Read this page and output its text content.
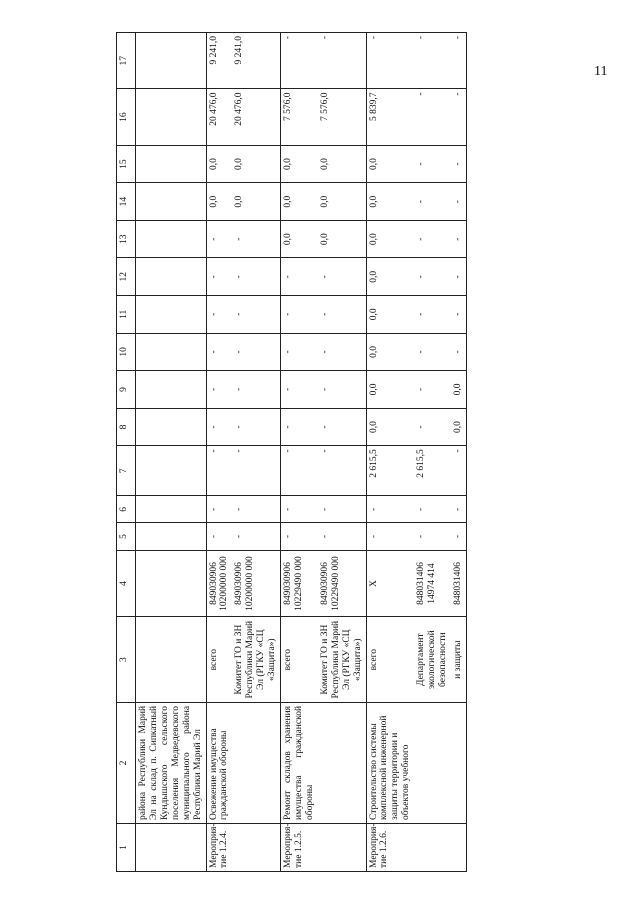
11
1	2	3	4	5	6	7	8	9	10	11	12	13	14	15	16	17
	района Республики Марий Эл на склад п. Сипкатный Кундышского сельского поселения Медведевского муниципального района Республики Марий Эл															
Мероприя-тие 1.2.4.	Освежение имущества гражданской обороны	всего	849030906 10200000 000	-	-	-	-	-	-	-	-	-	0,0	0,0	20 476,0	9 241,0
		Комитет ГО и ЗН Республики Марий Эл (РГКУ «СЦ «Защита»)	849030906 10200000 000	-	-	-	-	-	-	-	-	-	0,0	0,0	20 476,0	9 241,0
Мероприя-тие 1.2.5.	Ремонт складов хранения имущества гражданской обороны	всего	849030906 10229490 000	-	-	-	-	-	-	-	-	0,0	0,0	0,0	7 576,0	-
		Комитет ГО и ЗН Республики Марий Эл (РГКУ «СЦ «Защита»)	849030906 10229490 000	-	-	-	-	-	-	-	-	0,0	0,0	0,0	7 576,0	-
Мероприя-тие 1.2.6.	Строительство системы комплексной инженерной защиты территории и объектов учебного	всего	Х	-	-	2 615,5	0,0	0,0	0,0	0,0	0,0	0,0	0,0	0,0	5 839,7	-
		Департамент экологической безопасности	848031406 14974 414	-	-	2 615,5	-	-	-	-	-	-	-	-	-	-
		и защиты	848031406	-	-	-	0,0	0,0	-	-	-	-	-	-	-	-
